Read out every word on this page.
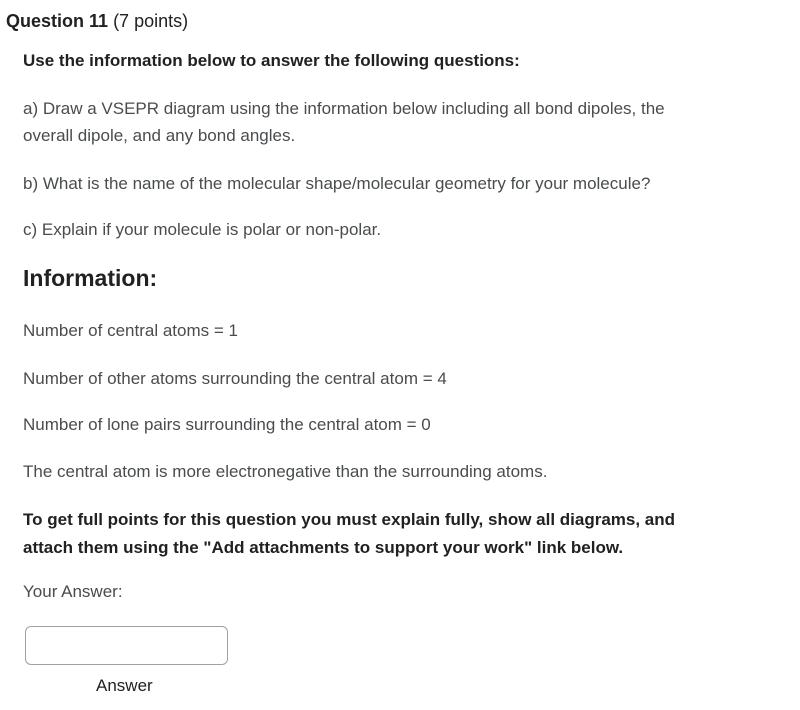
Question 11 (7 points)
Use the information below to answer the following questions:
a) Draw a VSEPR diagram using the information below including all bond dipoles, the
overall dipole, and any bond angles.
b) What is the name of the molecular shape/molecular geometry for your molecule?
c) Explain if your molecule is polar or non-polar.
Information:
Number of central atoms = 1
Number of other atoms surrounding the central atom = 4
Number of lone pairs surrounding the central atom = 0
The central atom is more electronegative than the surrounding atoms.
To get full points for this question you must explain fully, show all diagrams, and
attach them using the "Add attachments to support your work" link below.
Your Answer:
Answer
